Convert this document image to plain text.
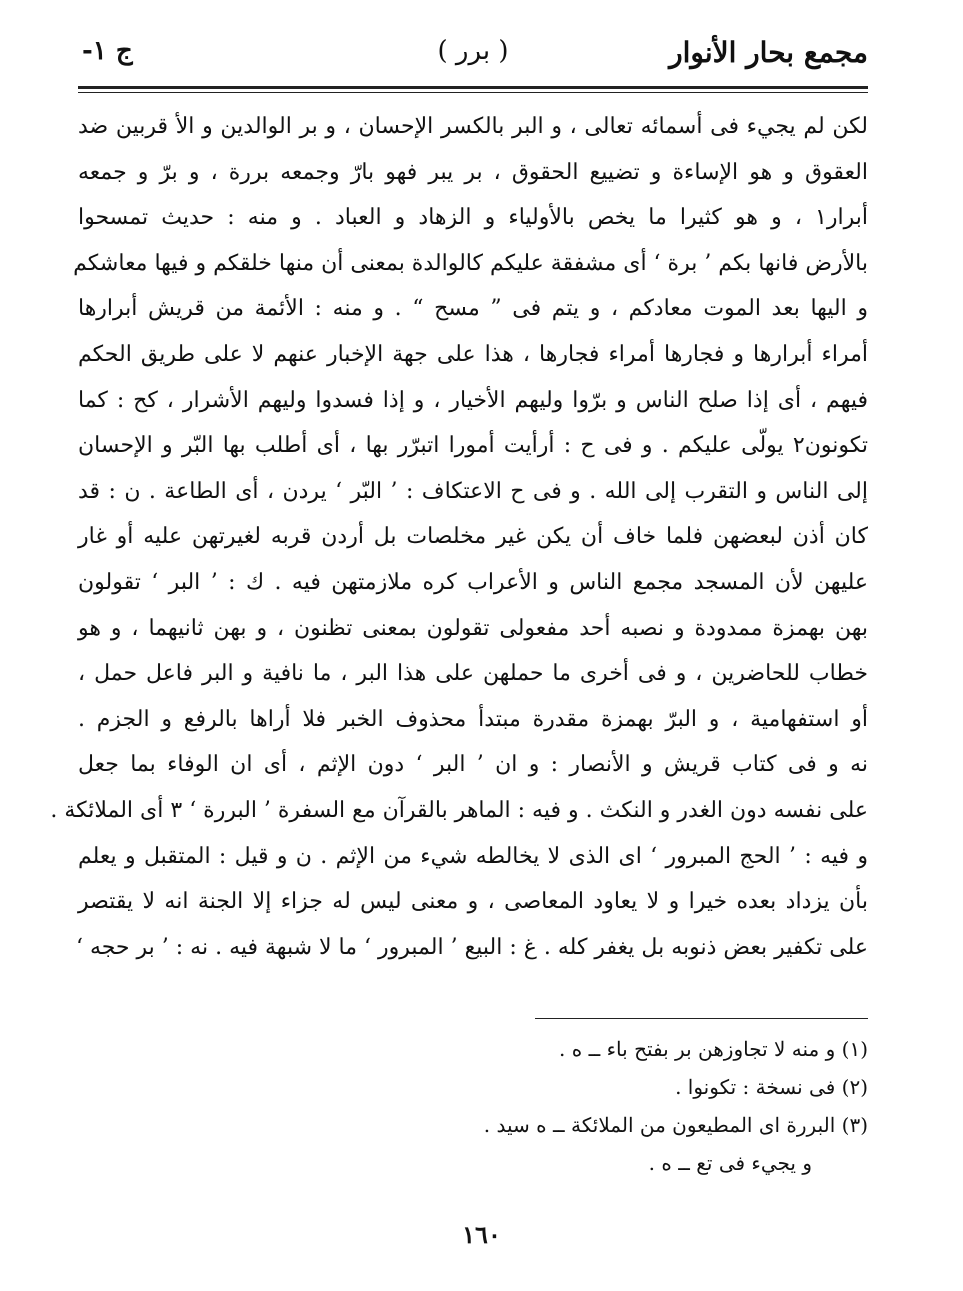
مجمع بحار الأنوار
( برر )
ج ١-
لكن لم يجيء فى أسمائه تعالى ، و البر بالكسر الإحسان ، و بر الوالدين و الأ قربين ضد
العقوق و هو الإساءة و تضييع الحقوق ، بر يبر فهو بارّ وجمعه بررة ، و برّ و جمعه
أبرار١ ، و هو كثيرا ما يخص بالأولياء و الزهاد و العباد . و منه : حديث تمسحوا
بالأرض فانها بكم ’ برة ‘ أى مشفقة عليكم كالوالدة بمعنى أن منها خلقكم و فيها معاشكم
و اليها بعد الموت معادكم ، و يتم فى ” مسح “ . و منه : الأئمة من قريش أبرارها
أمراء أبرارها و فجارها أمراء فجارها ، هذا على جهة الإخبار عنهم لا على طريق الحكم
فيهم ، أى إذا صلح الناس و برّوا وليهم الأخيار ، و إذا فسدوا وليهم الأشرار ، كح : كما
تكونون٢ يولّى عليكم . و فى ح : أرأيت أمورا اتبرّر بها ، أى أطلب بها البّر و الإحسان
إلى الناس و التقرب إلى الله . و فى ح الاعتكاف : ’ البّر ‘ يردن ، أى الطاعة . ن : قد
كان أذن لبعضهن فلما خاف أن يكن غير مخلصات بل أردن قربه لغيرتهن عليه أو غار
عليهن لأن المسجد مجمع الناس و الأعراب كره ملازمتهن فيه . ك : ’ البر ‘ تقولون
بهن بهمزة ممدودة و نصبه أحد مفعولى تقولون بمعنى تظنون ، و بهن ثانيهما ، و هو
خطاب للحاضرين ، و فى أخرى ما حملهن على هذا البر ، ما نافية و البر فاعل حمل ،
أو استفهامية ، و البرّ بهمزة مقدرة مبتدأ محذوف الخبر فلا أراها بالرفع و الجزم .
نه و فى كتاب قريش و الأنصار : و ان ’ البر ‘ دون الإثم ، أى ان الوفاء بما جعل
على نفسه دون الغدر و النكث . و فيه : الماهر بالقرآن مع السفرة ’ البررة ‘ ٣ أى الملائكة .
و فيه : ’ الحج المبرور ‘ اى الذى لا يخالطه شيء من الإثم . ن و قيل : المتقبل و يعلم
بأن يزداد بعده خيرا و لا يعاود المعاصى ، و معنى ليس له جزاء إلا الجنة انه لا يقتصر
على تكفير بعض ذنوبه بل يغفر كله . غ : البيع ’ المبرور ‘ ما لا شبهة فيه . نه : ’ بر حجه ‘
(١) و منه لا تجاوزهن بر بفتح باء ــ ه .
(٢) فى نسخة : تكونوا .
(٣) البررة اى المطيعون من الملائكة ــ ه سيد .
و يجيء فى تع ــ ه .
١٦٠
